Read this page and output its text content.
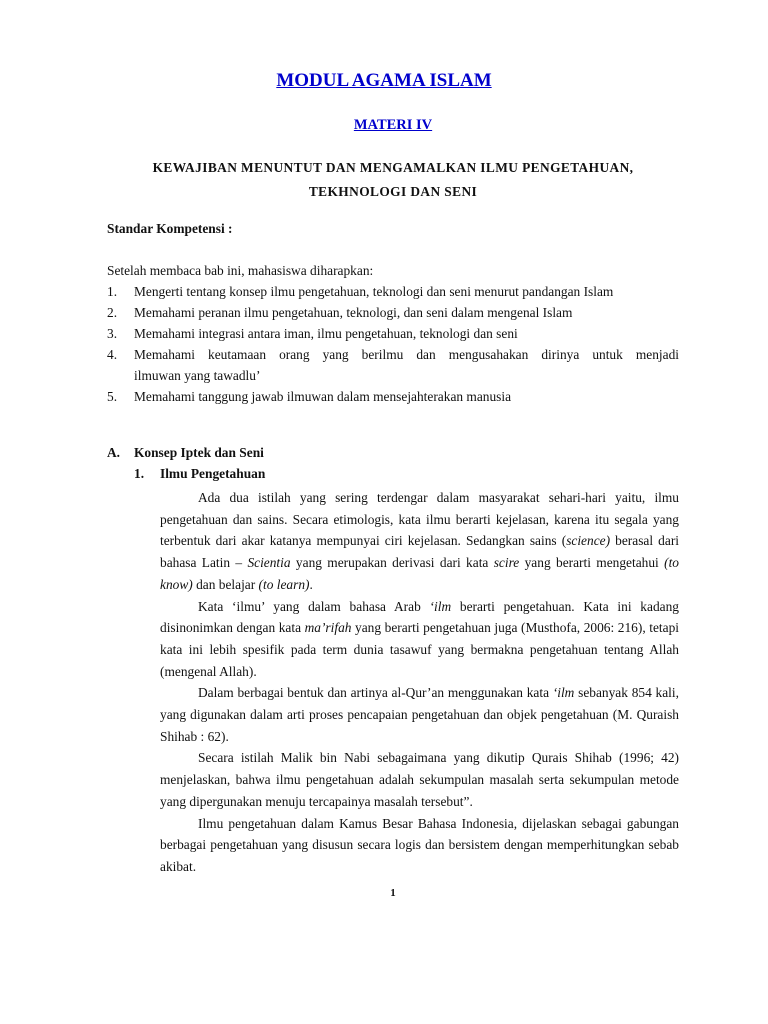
MODUL AGAMA ISLAM
MATERI IV
KEWAJIBAN MENUNTUT DAN MENGAMALKAN ILMU PENGETAHUAN,
TEKHNOLOGI DAN SENI
Standar Kompetensi :
Setelah membaca bab ini, mahasiswa diharapkan:
1.	Mengerti tentang konsep ilmu pengetahuan, teknologi dan seni menurut pandangan Islam
2.	Memahami peranan ilmu pengetahuan, teknologi, dan seni dalam mengenal Islam
3.	Memahami integrasi antara iman, ilmu pengetahuan, teknologi dan seni
4.	Memahami keutamaan orang yang berilmu dan mengusahakan dirinya untuk menjadi
ilmuwan yang tawadlu’
5.	Memahami tanggung jawab ilmuwan dalam mensejahterakan manusia
A. Konsep Iptek dan Seni
1. Ilmu Pengetahuan

Ada dua istilah yang sering terdengar dalam masyarakat sehari-hari yaitu, ilmu pengetahuan dan sains. Secara etimologis, kata ilmu berarti kejelasan, karena itu segala yang terbentuk dari akar katanya mempunyai ciri kejelasan. Sedangkan sains (science) berasal dari bahasa Latin – Scientia yang merupakan derivasi dari kata scire yang berarti mengetahui (to know) dan belajar (to learn).

Kata ‘ilmu’ yang dalam bahasa Arab ‘ilm berarti pengetahuan. Kata ini kadang disinonimkan dengan kata ma’rifah yang berarti pengetahuan juga (Musthofa, 2006: 216), tetapi kata ini lebih spesifik pada term dunia tasawuf yang bermakna pengetahuan tentang Allah (mengenal Allah).

Dalam berbagai bentuk dan artinya al-Qur’an menggunakan kata ‘ilm sebanyak 854 kali, yang digunakan dalam arti proses pencapaian pengetahuan dan objek pengetahuan (M. Quraish Shihab : 62).

Secara istilah Malik bin Nabi sebagaimana yang dikutip Qurais Shihab (1996; 42) menjelaskan, bahwa ilmu pengetahuan adalah sekumpulan masalah serta sekumpulan metode yang dipergunakan menuju tercapainya masalah tersebut”.

Ilmu pengetahuan dalam Kamus Besar Bahasa Indonesia, dijelaskan sebagai gabungan berbagai pengetahuan yang disusun secara logis dan bersistem dengan memperhitungkan sebab akibat.

1
